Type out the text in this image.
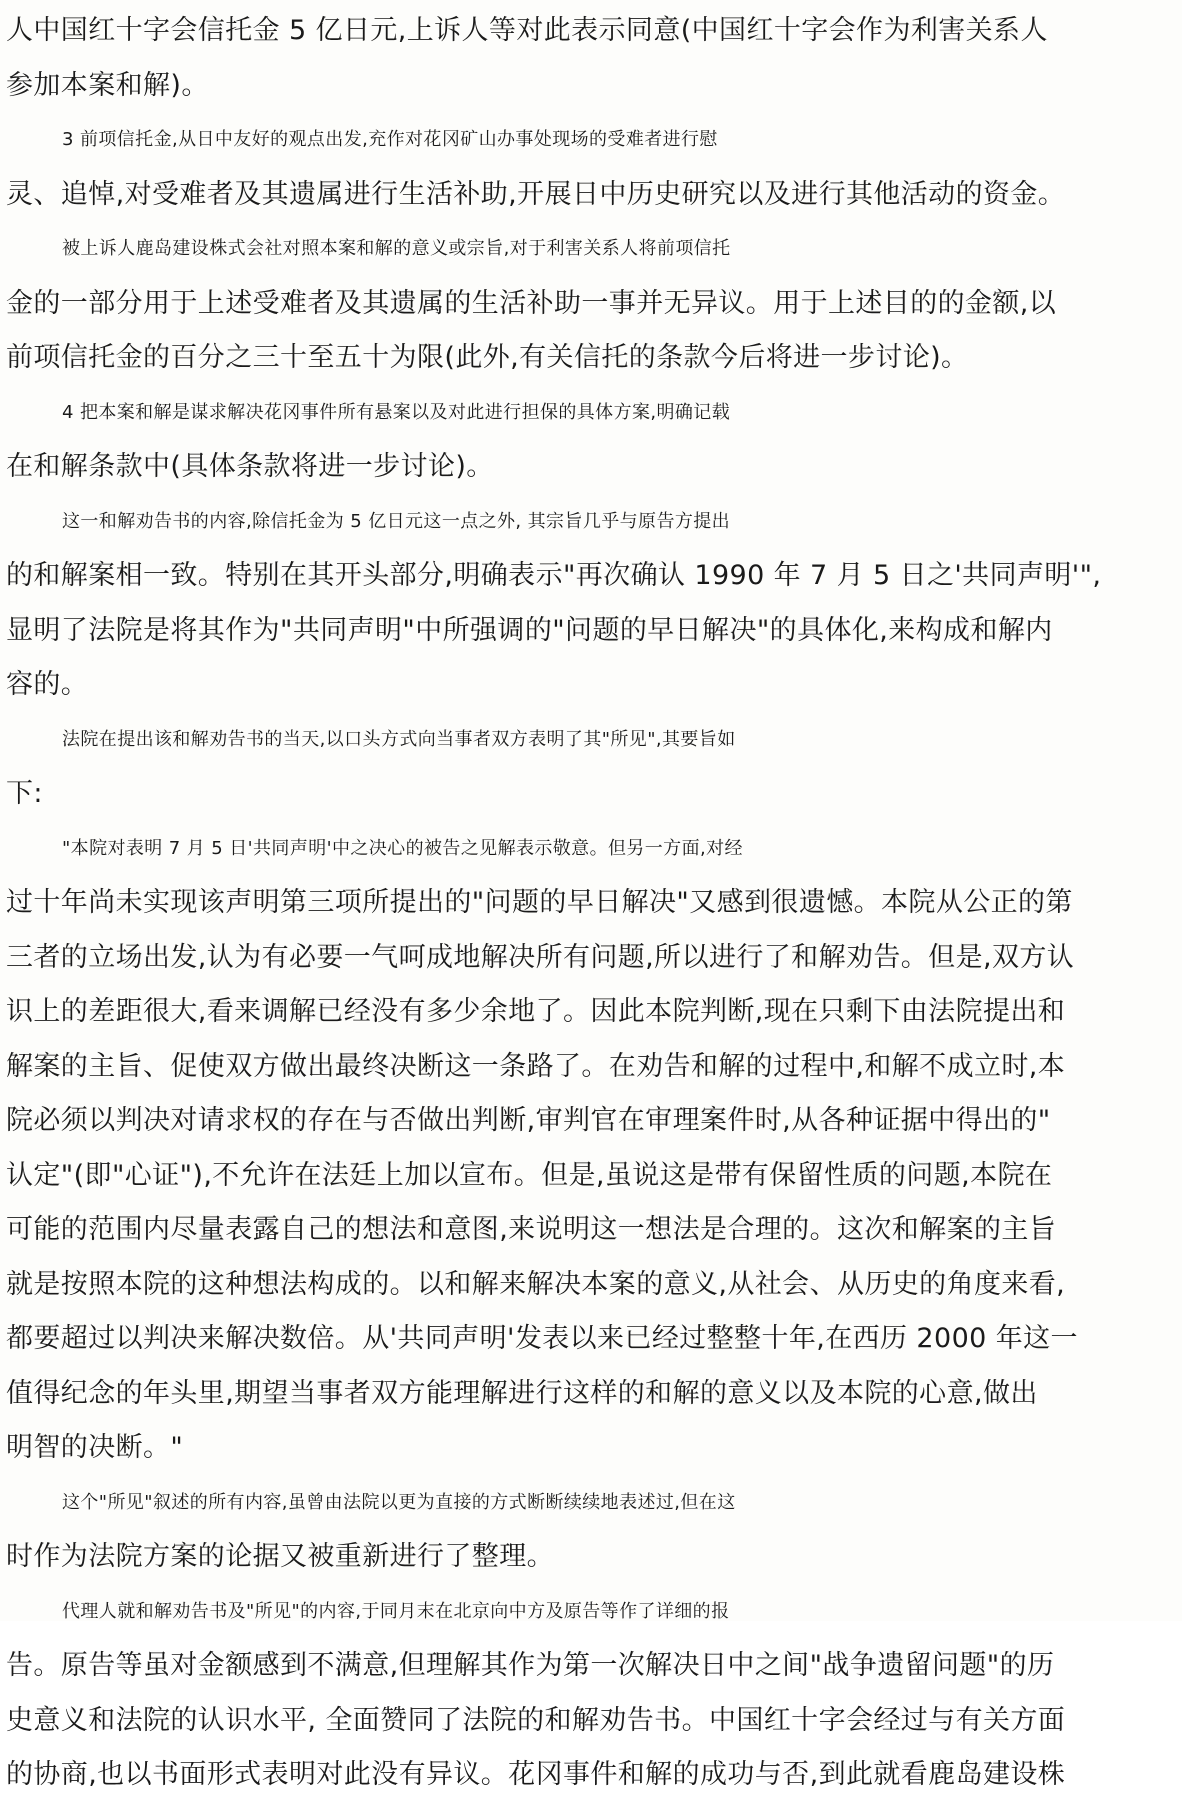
人中国红十字会信托金 5 亿日元,上诉人等对此表示同意(中国红十字会作为利害关系人
参加本案和解)。
3 前项信托金,从日中友好的观点出发,充作对花冈矿山办事处现场的受难者进行慰
灵、追悼,对受难者及其遗属进行生活补助,开展日中历史研究以及进行其他活动的资金。
被上诉人鹿岛建设株式会社对照本案和解的意义或宗旨,对于利害关系人将前项信托
金的一部分用于上述受难者及其遗属的生活补助一事并无异议。用于上述目的的金额,以
前项信托金的百分之三十至五十为限(此外,有关信托的条款今后将进一步讨论)。
4 把本案和解是谋求解决花冈事件所有悬案以及对此进行担保的具体方案,明确记载
在和解条款中(具体条款将进一步讨论)。
这一和解劝告书的内容,除信托金为 5 亿日元这一点之外, 其宗旨几乎与原告方提出
的和解案相一致。特别在其开头部分,明确表示"再次确认 1990 年 7 月 5 日之'共同声明'",
显明了法院是将其作为"共同声明"中所强调的"问题的早日解决"的具体化,来构成和解内
容的。
法院在提出该和解劝告书的当天,以口头方式向当事者双方表明了其"所见",其要旨如
下:
"本院对表明 7 月 5 日'共同声明'中之决心的被告之见解表示敬意。但另一方面,对经
过十年尚未实现该声明第三项所提出的"问题的早日解决"又感到很遗憾。本院从公正的第
三者的立场出发,认为有必要一气呵成地解决所有问题,所以进行了和解劝告。但是,双方认
识上的差距很大,看来调解已经没有多少余地了。因此本院判断,现在只剩下由法院提出和
解案的主旨、促使双方做出最终决断这一条路了。在劝告和解的过程中,和解不成立时,本
院必须以判决对请求权的存在与否做出判断,审判官在审理案件时,从各种证据中得出的"
认定"(即"心证"),不允许在法廷上加以宣布。但是,虽说这是带有保留性质的问题,本院在
可能的范围内尽量表露自己的想法和意图,来说明这一想法是合理的。这次和解案的主旨
就是按照本院的这种想法构成的。以和解来解决本案的意义,从社会、从历史的角度来看,
都要超过以判决来解决数倍。从'共同声明'发表以来已经过整整十年,在西历 2000 年这一
值得纪念的年头里,期望当事者双方能理解进行这样的和解的意义以及本院的心意,做出
明智的决断。"
这个"所见"叙述的所有内容,虽曾由法院以更为直接的方式断断续续地表述过,但在这
时作为法院方案的论据又被重新进行了整理。
代理人就和解劝告书及"所见"的内容,于同月末在北京向中方及原告等作了详细的报
告。原告等虽对金额感到不满意,但理解其作为第一次解决日中之间"战争遗留问题"的历
史意义和法院的认识水平, 全面赞同了法院的和解劝告书。中国红十字会经过与有关方面
的协商,也以书面形式表明对此没有异议。花冈事件和解的成功与否,到此就看鹿岛建设株
